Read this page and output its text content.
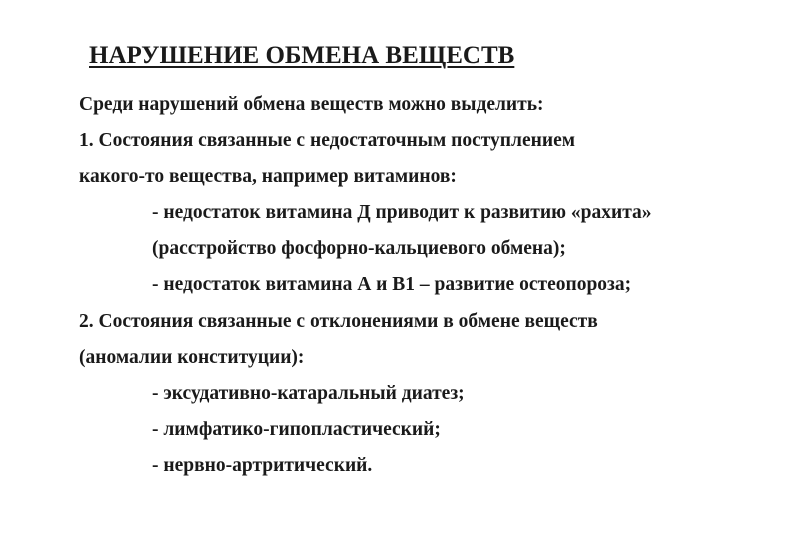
НАРУШЕНИЕ ОБМЕНА ВЕЩЕСТВ
Среди нарушений обмена веществ можно выделить:
1. Состояния связанные с недостаточным поступлением
какого-то вещества, например витаминов:
- недостаток витамина Д приводит к развитию «рахита»
(расстройство фосфорно-кальциевого обмена);
- недостаток витамина А и В1 – развитие остеопороза;
2. Состояния связанные с отклонениями в обмене веществ
(аномалии конституции):
- эксудативно-катаральный диатез;
- лимфатико-гипопластический;
- нервно-артритический.
